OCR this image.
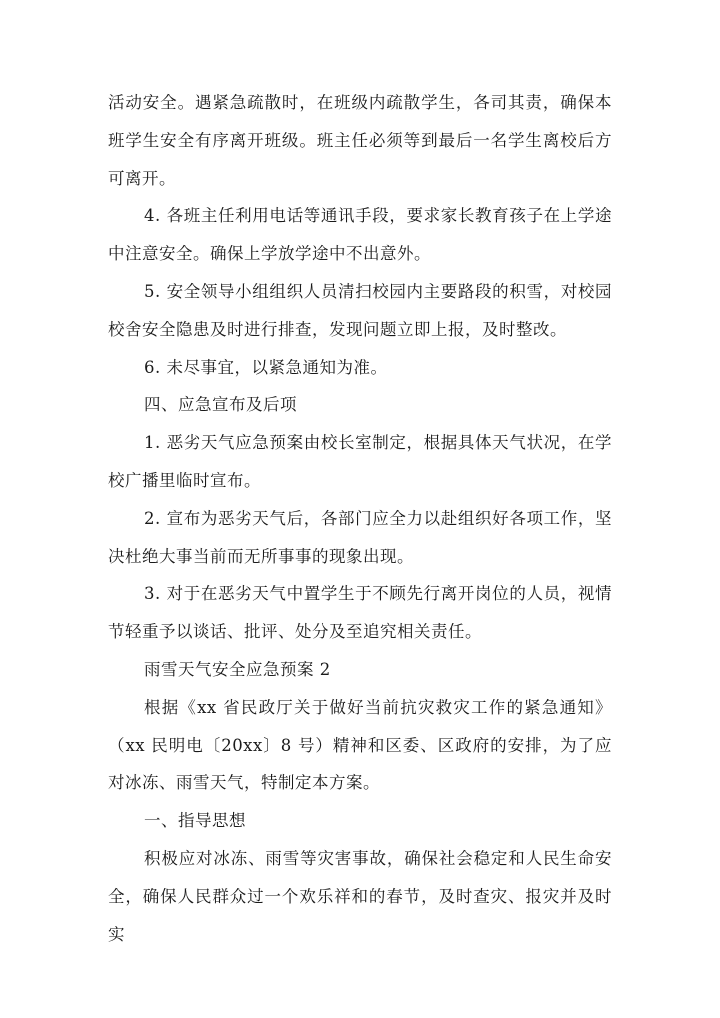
活动安全。遇紧急疏散时，在班级内疏散学生，各司其责，确保本班学生安全有序离开班级。班主任必须等到最后一名学生离校后方可离开。

4. 各班主任利用电话等通讯手段，要求家长教育孩子在上学途中注意安全。确保上学放学途中不出意外。

5. 安全领导小组组织人员清扫校园内主要路段的积雪，对校园校舍安全隐患及时进行排查，发现问题立即上报，及时整改。

6. 未尽事宜，以紧急通知为准。

四、应急宣布及后项

1. 恶劣天气应急预案由校长室制定，根据具体天气状况，在学校广播里临时宣布。

2. 宣布为恶劣天气后，各部门应全力以赴组织好各项工作，坚决杜绝大事当前而无所事事的现象出现。

3. 对于在恶劣天气中置学生于不顾先行离开岗位的人员，视情节轻重予以谈话、批评、处分及至追究相关责任。

雨雪天气安全应急预案 2

根据《xx 省民政厅关于做好当前抗灾救灾工作的紧急通知》（xx 民明电〔20xx〕8 号）精神和区委、区政府的安排，为了应对冰冻、雨雪天气，特制定本方案。

一、指导思想

积极应对冰冻、雨雪等灾害事故，确保社会稳定和人民生命安全，确保人民群众过一个欢乐祥和的春节，及时查灾、报灾并及时实
